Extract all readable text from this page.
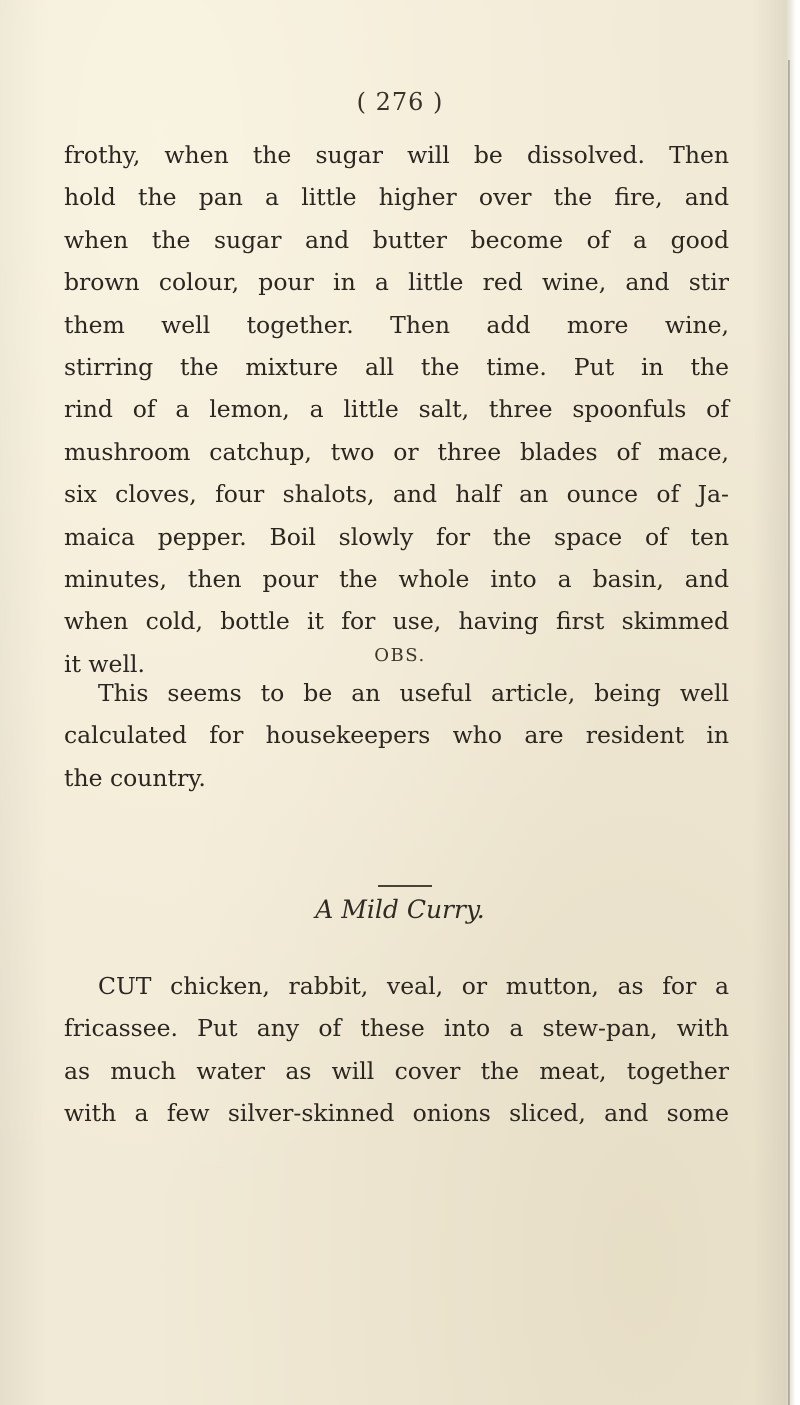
( 276 )
frothy, when the sugar will be dissolved. Then
hold the pan a little higher over the fire, and
when the sugar and butter become of a good
brown colour, pour in a little red wine, and stir
them well together. Then add more wine,
stirring the mixture all the time. Put in the
rind of a lemon, a little salt, three spoonfuls of
mushroom catchup, two or three blades of mace,
six cloves, four shalots, and half an ounce of Ja-
maica pepper. Boil slowly for the space of ten
minutes, then pour the whole into a basin, and
when cold, bottle it for use, having first skimmed
it well.	OBS.
This seems to be an useful article, being well
calculated for housekeepers who are resident in
the country.
A Mild Curry.
CUT chicken, rabbit, veal, or mutton, as for a
fricassee. Put any of these into a stew-pan, with
as much water as will cover the meat, together
with a few silver-skinned onions sliced, and some
